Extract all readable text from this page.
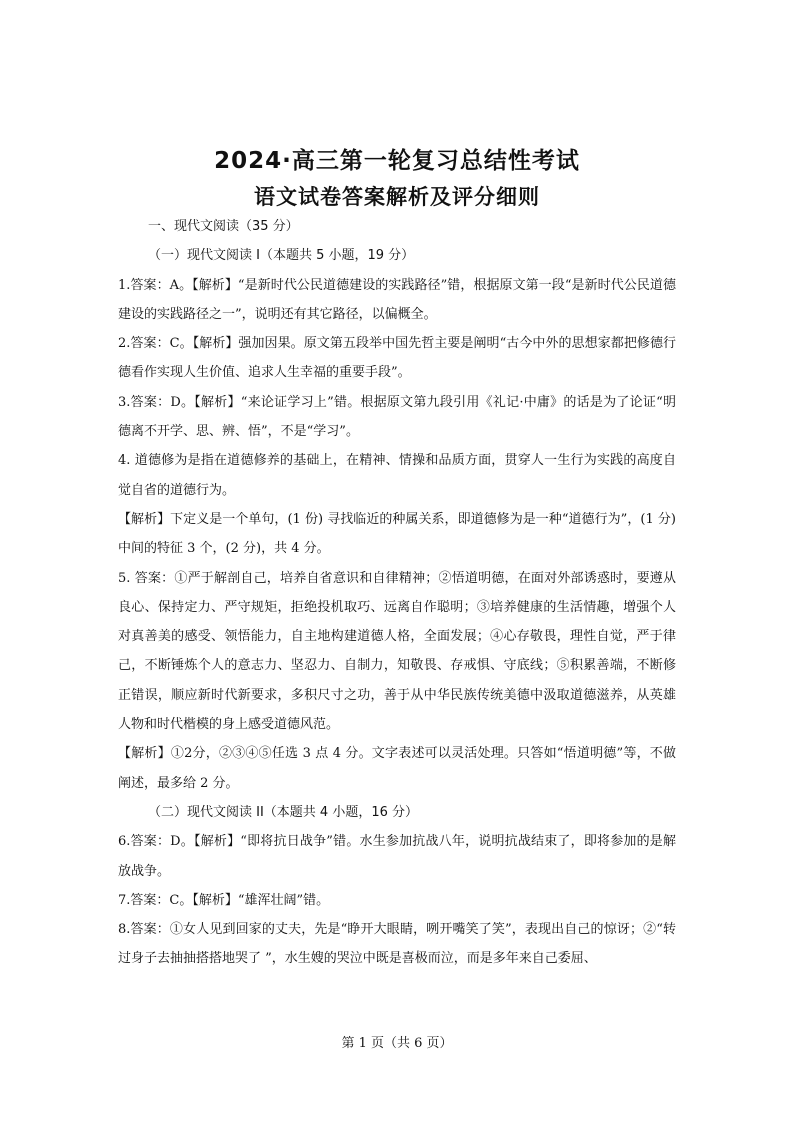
2024·高三第一轮复习总结性考试
语文试卷答案解析及评分细则

一、现代文阅读（35 分）

（一）现代文阅读 I（本题共 5 小题，19 分）

1.答案：A。【解析】“是新时代公民道德建设的实践路径”错，根据原文第一段“是新时代公民道德建设的实践路径之一”，说明还有其它路径，以偏概全。

2.答案：C。【解析】强加因果。原文第五段举中国先哲主要是阐明“古今中外的思想家都把修德行德看作实现人生价值、追求人生幸福的重要手段”。

3.答案：D。【解析】“来论证学习上”错。根据原文第九段引用《礼记·中庸》的话是为了论证“明德离不开学、思、辨、悟”，不是“学习”。

4. 道德修为是指在道德修养的基础上，在精神、情操和品质方面，贯穿人一生行为实践的高度自觉自省的道德行为。

【解析】下定义是一个单句，(1 份) 寻找临近的种属关系，即道德修为是一种“道德行为”，(1 分) 中间的特征 3 个，(2 分)，共 4 分。

5. 答案：①严于解剖自己，培养自省意识和自律精神；②悟道明德，在面对外部诱惑时，要遵从良心、保持定力、严守规矩，拒绝投机取巧、远离自作聪明；③培养健康的生活情趣，增强个人对真善美的感受、领悟能力，自主地构建道德人格，全面发展；④心存敬畏，理性自觉，严于律己，不断锤炼个人的意志力、坚忍力、自制力，知敬畏、存戒惧、守底线；⑤积累善端，不断修正错误，顺应新时代新要求，多积尺寸之功，善于从中华民族传统美德中汲取道德滋养，从英雄人物和时代楷模的身上感受道德风范。

【解析】①2分，②③④⑤任选 3 点 4 分。文字表述可以灵活处理。只答如“悟道明德”等，不做阐述，最多给 2 分。

（二）现代文阅读 II（本题共 4 小题，16 分）

6.答案：D。【解析】“即将抗日战争”错。水生参加抗战八年，说明抗战结束了，即将参加的是解放战争。

7.答案：C。【解析】“雄浑壮阔”错。

8.答案：①女人见到回家的丈夫，先是“睁开大眼睛，咧开嘴笑了笑”，表现出自己的惊讶；②“转过身子去抽抽搭搭地哭了 ”，水生嫂的哭泣中既是喜极而泣，而是多年来自己委屈、

第 1 页（共 6 页）
